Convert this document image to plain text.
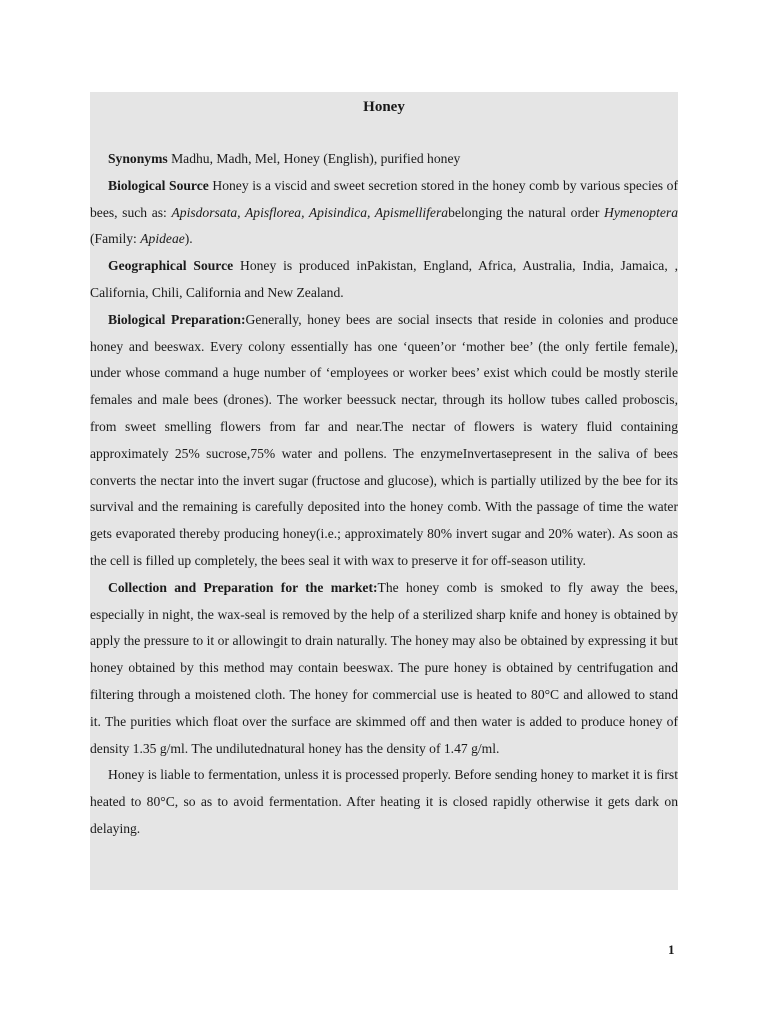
Honey

Synonyms Madhu, Madh, Mel, Honey (English), purified honey

Biological Source Honey is a viscid and sweet secretion stored in the honey comb by various species of bees, such as: Apisdorsata, Apisflorea, Apisindica, Apismelliferabelonging the natural order Hymenoptera (Family: Apideae).

Geographical Source Honey is produced inPakistan, England, Africa, Australia, India, Jamaica, , California, Chili, California and New Zealand.

Biological Preparation:Generally, honey bees are social insects that reside in colonies and produce honey and beeswax. Every colony essentially has one ‘queen’or ‘mother bee’ (the only fertile female), under whose command a huge number of ‘employees or worker bees’ exist which could be mostly sterile females and male bees (drones). The worker beessuck nectar, through its hollow tubes called proboscis, from sweet smelling flowers from far and near.The nectar of flowers is watery fluid containing approximately 25% sucrose,75% water and pollens. The enzymeInvertasepresent in the saliva of bees converts the nectar into the invert sugar (fructose and glucose), which is partially utilized by the bee for its survival and the remaining is carefully deposited into the honey comb. With the passage of time the water gets evaporated thereby producing honey(i.e.; approximately 80% invert sugar and 20% water). As soon as the cell is filled up completely, the bees seal it with wax to preserve it for off-season utility.

Collection and Preparation for the market:The honey comb is smoked to fly away the bees, especially in night, the wax-seal is removed by the help of a sterilized sharp knife and honey is obtained by apply the pressure to it or allowingit to drain naturally. The honey may also be obtained by expressing it but honey obtained by this method may contain beeswax. The pure honey is obtained by centrifugation and filtering through a moistened cloth. The honey for commercial use is heated to 80°C and allowed to stand it. The purities which float over the surface are skimmed off and then water is added to produce honey of density 1.35 g/ml. The undilutednatural honey has the density of 1.47 g/ml.

Honey is liable to fermentation, unless it is processed properly. Before sending honey to market it is first heated to 80°C, so as to avoid fermentation. After heating it is closed rapidly otherwise it gets dark on delaying.

1
